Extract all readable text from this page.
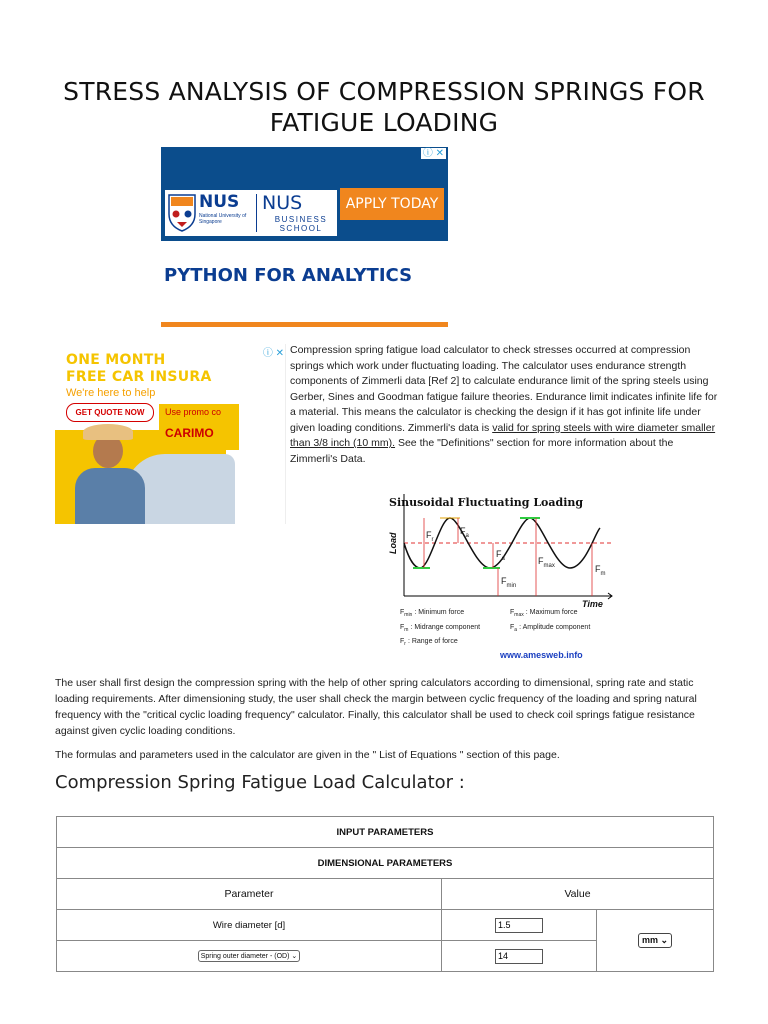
STRESS ANALYSIS OF COMPRESSION SPRINGS FOR FATIGUE LOADING
ⓘ ✕
NUS
National University of Singapore
NUS
BUSINESS SCHOOL
APPLY TODAY
PYTHON FOR ANALYTICS
ⓘ ✕
ONE MONTH
FREE CAR INSURA
We're here to help
GET QUOTE NOW	Use promo co
CARIMO
Compression spring fatigue load calculator to check stresses occurred at compression springs which work under fluctuating loading. The calculator uses endurance strength components of Zimmerli data [Ref 2] to calculate endurance limit of the spring steels using Gerber, Sines and Goodman fatigue failure theories. Endurance limit indicates infinite life for a material. This means the calculator is checking the design if it has got infinite life under given loading conditions. Zimmerli's data is valid for spring steels with wire diameter smaller than 3/8 inch (10 mm). See the "Definitions" section for more information about the Zimmerli's Data.
Sinusoidal Fluctuating Loading
Load
Time
$F_r$
$F_a$
$F_a$
$F_{min}$
$F_{max}$	$F_m$
$F_{min}$ : Minimum force	$F_{max}$ : Maximum force
$F_m$ : Midrange component	$F_a$ : Amplitude component
$F_r$ : Range of force
www.amesweb.info
The user shall first design the compression spring with the help of other spring calculators according to dimensional, spring rate and static loading requirements. After dimensioning study, the user shall check the margin between cyclic frequency of the loading and spring natural frequency with the "critical cyclic loading frequency" calculator. Finally, this calculator shall be used to check coil springs fatigue resistance against given cyclic loading conditions.
The formulas and parameters used in the calculator are given in the " List of Equations " section of this page.
Compression Spring Fatigue Load Calculator :
INPUT PARAMETERS		
DIMENSIONAL PARAMETERS		
Parameter	Value	
Wire diameter [d]	1.5	mm ⌄
Spring outer diameter - (OD) ⌄	14
